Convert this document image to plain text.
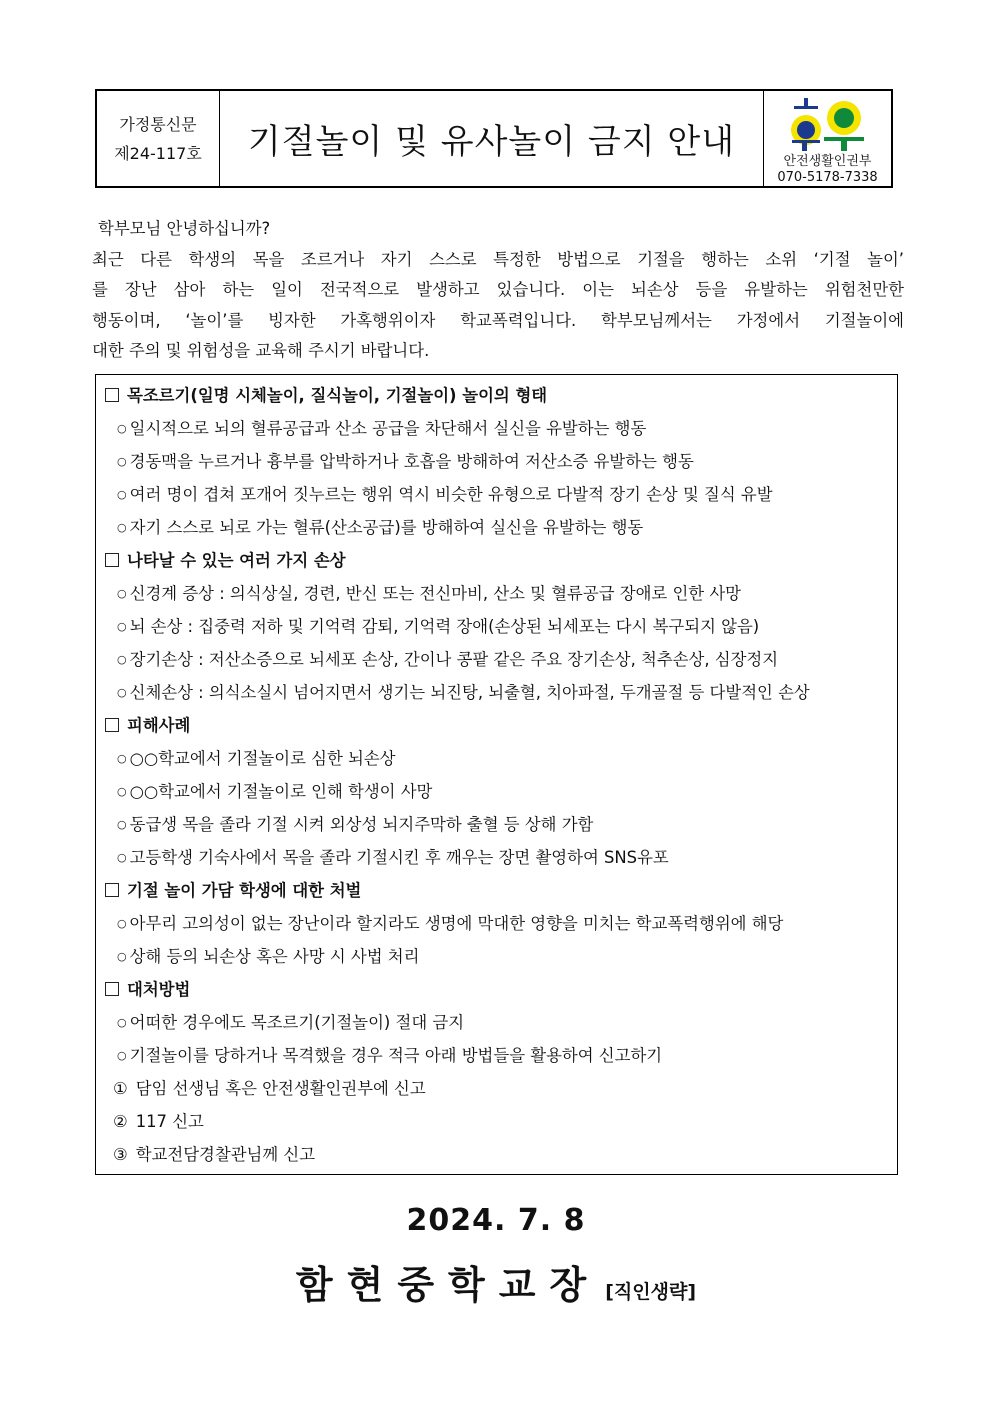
가정통신문
제24-117호	기절놀이 및 유사놀이 금지 안내	안전생활인권부
070-5178-7338

학부모님 안녕하십니까?

최근 다른 학생의 목을 조르거나 자기 스스로 특정한 방법으로 기절을 행하는 소위 ‘기절 놀이’

를 장난 삼아 하는 일이 전국적으로 발생하고 있습니다. 이는 뇌손상 등을 유발하는 위험천만한

행동이며, ‘놀이’를 빙자한 가혹행위이자 학교폭력입니다. 학부모님께서는 가정에서 기절놀이에

대한 주의 및 위험성을 교육해 주시기 바랍니다.

목조르기(일명 시체놀이, 질식놀이, 기절놀이) 놀이의 형태
○ 일시적으로 뇌의 혈류공급과 산소 공급을 차단해서 실신을 유발하는 행동
○ 경동맥을 누르거나 흉부를 압박하거나 호흡을 방해하여 저산소증 유발하는 행동
○ 여러 명이 겹쳐 포개어 짓누르는 행위 역시 비슷한 유형으로 다발적 장기 손상 및 질식 유발
○ 자기 스스로 뇌로 가는 혈류(산소공급)를 방해하여 실신을 유발하는 행동
나타날 수 있는 여러 가지 손상
○ 신경계 증상 : 의식상실, 경련, 반신 또는 전신마비, 산소 및 혈류공급 장애로 인한 사망
○ 뇌 손상 : 집중력 저하 및 기억력 감퇴, 기억력 장애(손상된 뇌세포는 다시 복구되지 않음)
○ 장기손상 : 저산소증으로 뇌세포 손상, 간이나 콩팥 같은 주요 장기손상, 척추손상, 심장정지
○ 신체손상 : 의식소실시 넘어지면서 생기는 뇌진탕, 뇌출혈, 치아파절, 두개골절 등 다발적인 손상
피해사례
○ ○○학교에서 기절놀이로 심한 뇌손상
○ ○○학교에서 기절놀이로 인해 학생이 사망
○ 동급생 목을 졸라 기절 시켜 외상성 뇌지주막하 출혈 등 상해 가함
○ 고등학생 기숙사에서 목을 졸라 기절시킨 후 깨우는 장면 촬영하여 SNS유포
기절 놀이 가담 학생에 대한 처벌
○ 아무리 고의성이 없는 장난이라 할지라도 생명에 막대한 영향을 미치는 학교폭력행위에 해당
○ 상해 등의 뇌손상 혹은 사망 시 사법 처리
대처방법
○ 어떠한 경우에도 목조르기(기절놀이) 절대 금지
○ 기절놀이를 당하거나 목격했을 경우 적극 아래 방법들을 활용하여 신고하기
① 담임 선생님 혹은 안전생활인권부에 신고
② 117 신고
③ 학교전담경찰관님께 신고
2024. 7. 8
함현중학교장 [직인생략]
